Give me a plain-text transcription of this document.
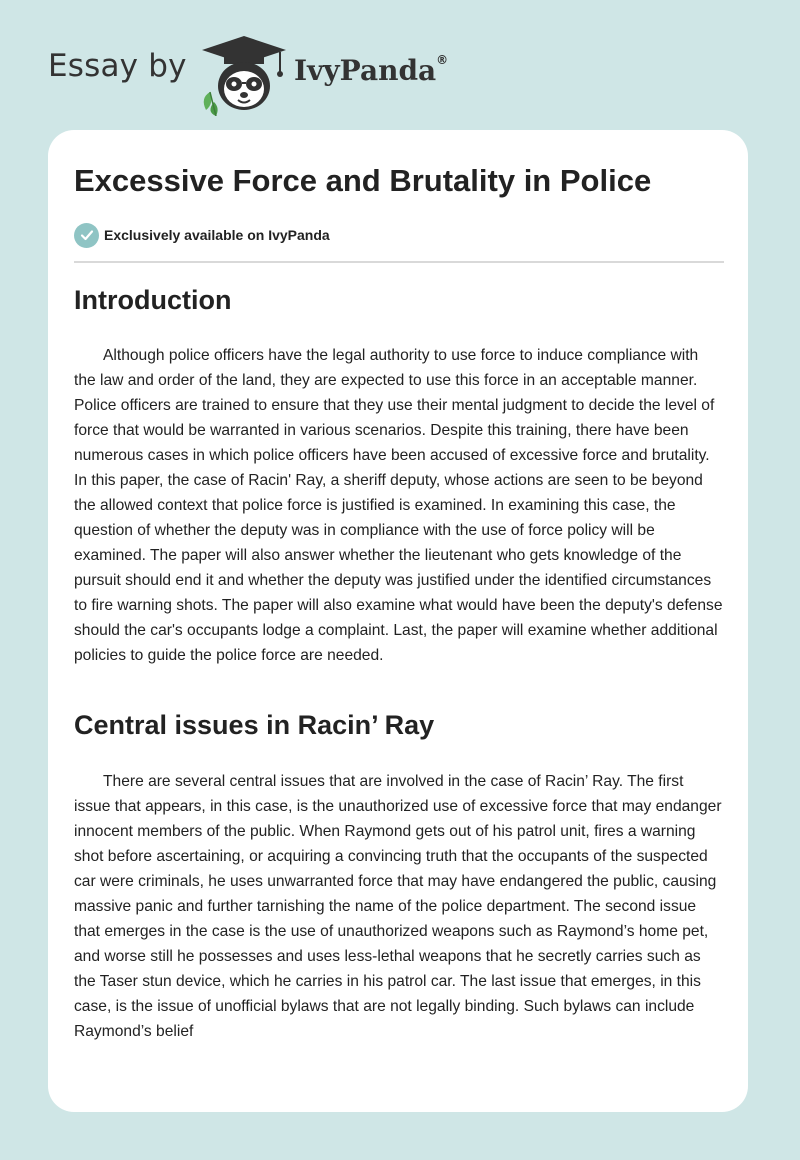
Essay by	IvyPanda®
Excessive Force and Brutality in Police
Exclusively available on IvyPanda
Introduction

Although police officers have the legal authority to use force to induce compliance with the law and order of the land, they are expected to use this force in an acceptable manner. Police officers are trained to ensure that they use their mental judgment to decide the level of force that would be warranted in various scenarios. Despite this training, there have been numerous cases in which police officers have been accused of excessive force and brutality. In this paper, the case of Racin' Ray, a sheriff deputy, whose actions are seen to be beyond the allowed context that police force is justified is examined. In examining this case, the question of whether the deputy was in compliance with the use of force policy will be examined. The paper will also answer whether the lieutenant who gets knowledge of the pursuit should end it and whether the deputy was justified under the identified circumstances to fire warning shots. The paper will also examine what would have been the deputy's defense should the car's occupants lodge a complaint. Last, the paper will examine whether additional policies to guide the police force are needed.

Central issues in Racin’ Ray

There are several central issues that are involved in the case of Racin’ Ray. The first issue that appears, in this case, is the unauthorized use of excessive force that may endanger innocent members of the public. When Raymond gets out of his patrol unit, fires a warning shot before ascertaining, or acquiring a convincing truth that the occupants of the suspected car were criminals, he uses unwarranted force that may have endangered the public, causing massive panic and further tarnishing the name of the police department. The second issue that emerges in the case is the use of unauthorized weapons such as Raymond’s home pet, and worse still he possesses and uses less-lethal weapons that he secretly carries such as the Taser stun device, which he carries in his patrol car. The last issue that emerges, in this case, is the issue of unofficial bylaws that are not legally binding. Such bylaws can include Raymond’s belief
